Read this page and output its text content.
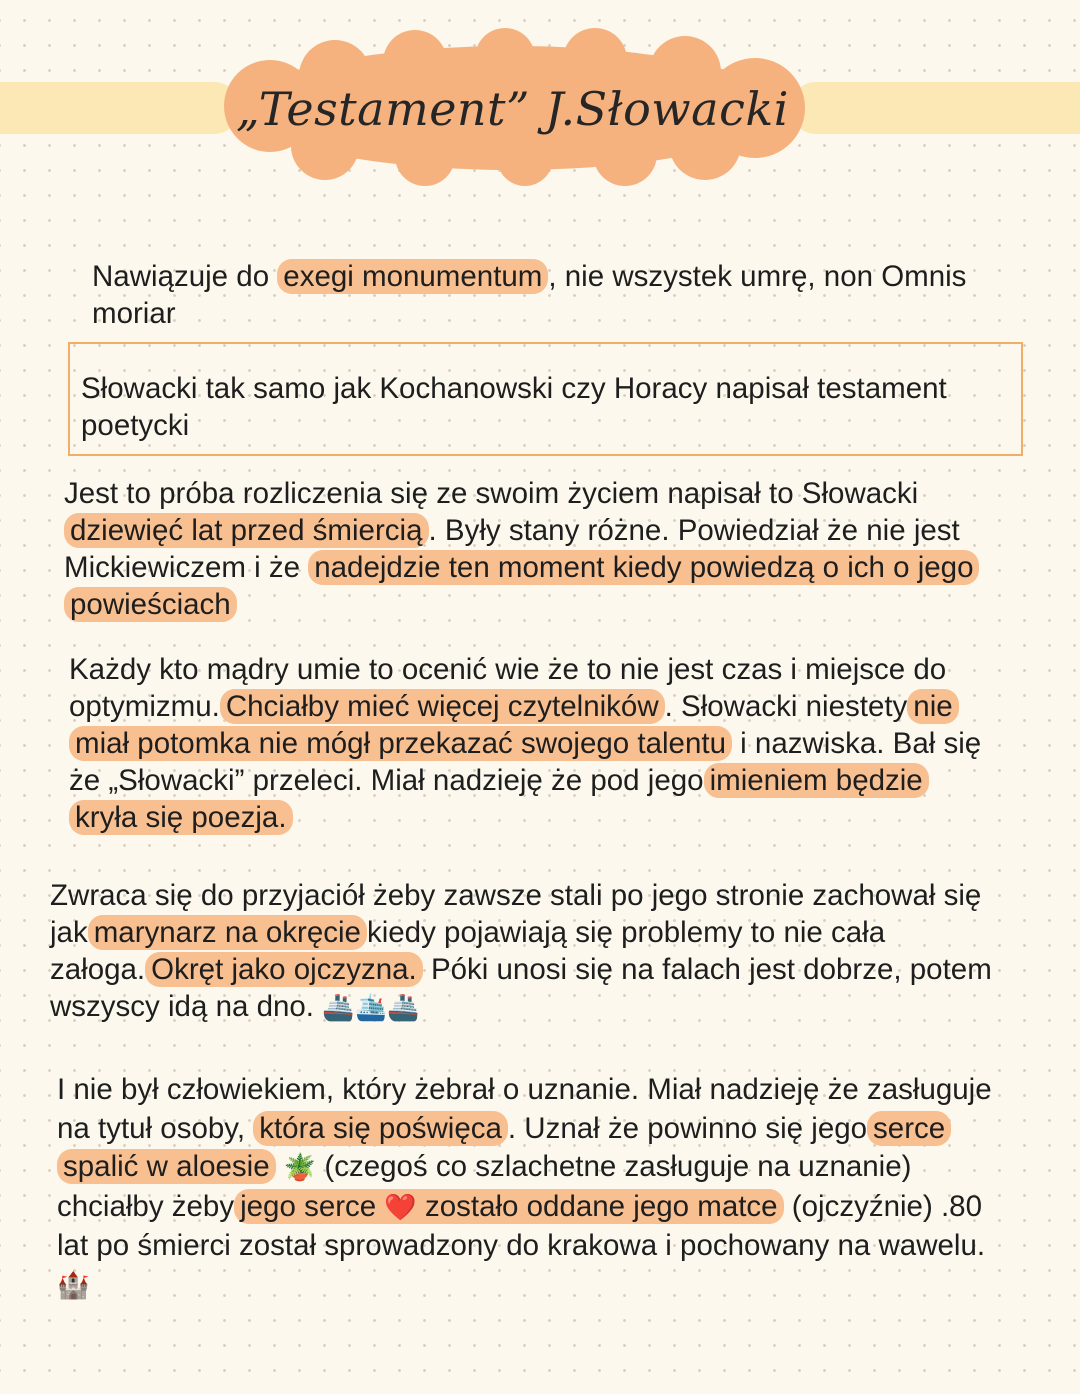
„Testament” J.Słowacki

Nawiązuje do exegi monumentum , nie wszystek umrę, non Omnis moriar

Słowacki tak samo jak Kochanowski czy Horacy napisał testament poetycki

Jest to próba rozliczenia się ze swoim życiem napisał to Słowacki dziewięć lat przed śmiercią . Były stany różne. Powiedział że nie jest Mickiewiczem i że nadejdzie ten moment kiedy powiedzą o ich o jego powieściach

Każdy kto mądry umie to ocenić wie że to nie jest czas i miejsce do optymizmu. Chciałby mieć więcej czytelników . Słowacki niestety nie miał potomka nie mógł przekazać swojego talentu i nazwiska. Bał się że „Słowacki” przeleci. Miał nadzieję że pod jego imieniem będzie kryła się poezja.

Zwraca się do przyjaciół żeby zawsze stali po jego stronie zachował się jak marynarz na okręcie kiedy pojawiają się problemy to nie cała załoga. Okręt jako ojczyzna. Póki unosi się na falach jest dobrze, potem wszyscy idą na dno. 🚢🛳️🚢

I nie był człowiekiem, który żebrał o uznanie. Miał nadzieję że zasługuje na tytuł osoby, która się poświęca . Uznał że powinno się jego serce spalić w aloesie 🪴 (czegoś co szlachetne zasługuje na uznanie) chciałby żeby jego serce ❤️ zostało oddane jego matce (ojczyźnie) .80 lat po śmierci został sprowadzony do krakowa i pochowany na wawelu. 🏰
